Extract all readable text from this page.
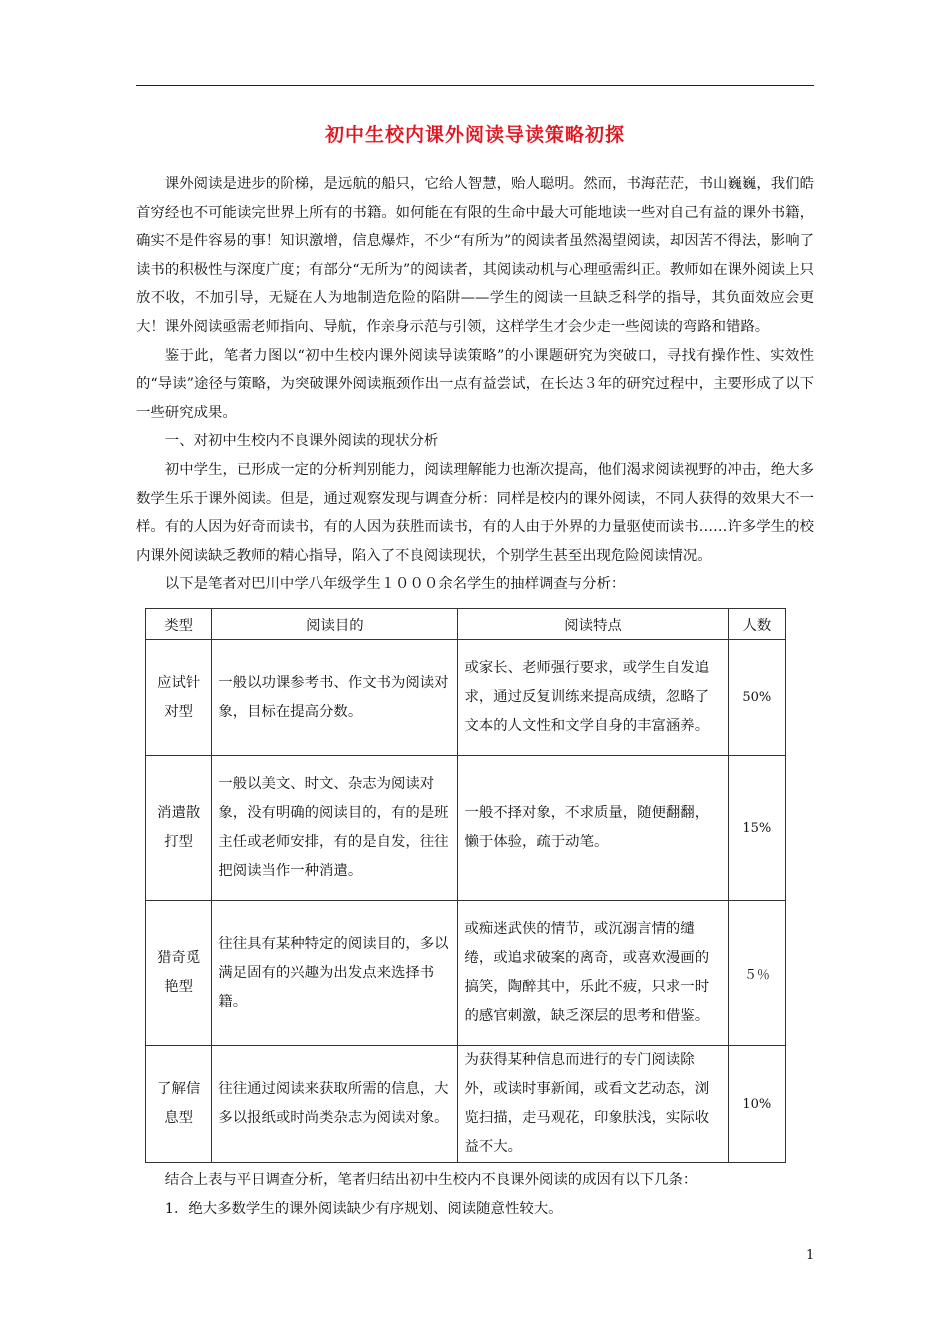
初中生校内课外阅读导读策略初探

课外阅读是进步的阶梯，是远航的船只，它给人智慧，贻人聪明。然而，书海茫茫，书山巍巍，我们皓首穷经也不可能读完世界上所有的书籍。如何能在有限的生命中最大可能地读一些对自己有益的课外书籍，确实不是件容易的事！知识激增，信息爆炸，不少“有所为”的阅读者虽然渴望阅读，却因苦不得法，影响了读书的积极性与深度广度；有部分“无所为”的阅读者，其阅读动机与心理亟需纠正。教师如在课外阅读上只放不收，不加引导，无疑在人为地制造危险的陷阱——学生的阅读一旦缺乏科学的指导，其负面效应会更大！课外阅读亟需老师指向、导航，作亲身示范与引领，这样学生才会少走一些阅读的弯路和错路。

鉴于此，笔者力图以“初中生校内课外阅读导读策略”的小课题研究为突破口，寻找有操作性、实效性的“导读”途径与策略，为突破课外阅读瓶颈作出一点有益尝试，在长达３年的研究过程中，主要形成了以下一些研究成果。

一、对初中生校内不良课外阅读的现状分析

初中学生，已形成一定的分析判别能力，阅读理解能力也渐次提高，他们渴求阅读视野的冲击，绝大多数学生乐于课外阅读。但是，通过观察发现与调查分析：同样是校内的课外阅读，不同人获得的效果大不一样。有的人因为好奇而读书，有的人因为获胜而读书，有的人由于外界的力量驱使而读书……许多学生的校内课外阅读缺乏教师的精心指导，陷入了不良阅读现状，个别学生甚至出现危险阅读情况。

以下是笔者对巴川中学八年级学生１０００余名学生的抽样调查与分析：

类型	阅读目的	阅读特点	人数
应试针对型	一般以功课参考书、作文书为阅读对象，目标在提高分数。	或家长、老师强行要求，或学生自发追求，通过反复训练来提高成绩，忽略了文本的人文性和文学自身的丰富涵养。	50%
消遣散打型	一般以美文、时文、杂志为阅读对象，没有明确的阅读目的，有的是班主任或老师安排，有的是自发，往往把阅读当作一种消遣。	一般不择对象，不求质量，随便翻翻，懒于体验，疏于动笔。	15%
猎奇觅艳型	往往具有某种特定的阅读目的，多以满足固有的兴趣为出发点来选择书籍。	或痴迷武侠的情节，或沉溺言情的缱绻，或追求破案的离奇，或喜欢漫画的搞笑，陶醉其中，乐此不疲，只求一时的感官刺激，缺乏深层的思考和借鉴。	５％
了解信息型	往往通过阅读来获取所需的信息，大多以报纸或时尚类杂志为阅读对象。	为获得某种信息而进行的专门阅读除外，或读时事新闻，或看文艺动态，浏览扫描，走马观花，印象肤浅，实际收益不大。	10%

结合上表与平日调查分析，笔者归结出初中生校内不良课外阅读的成因有以下几条：

1．绝大多数学生的课外阅读缺少有序规划、阅读随意性较大。

1
